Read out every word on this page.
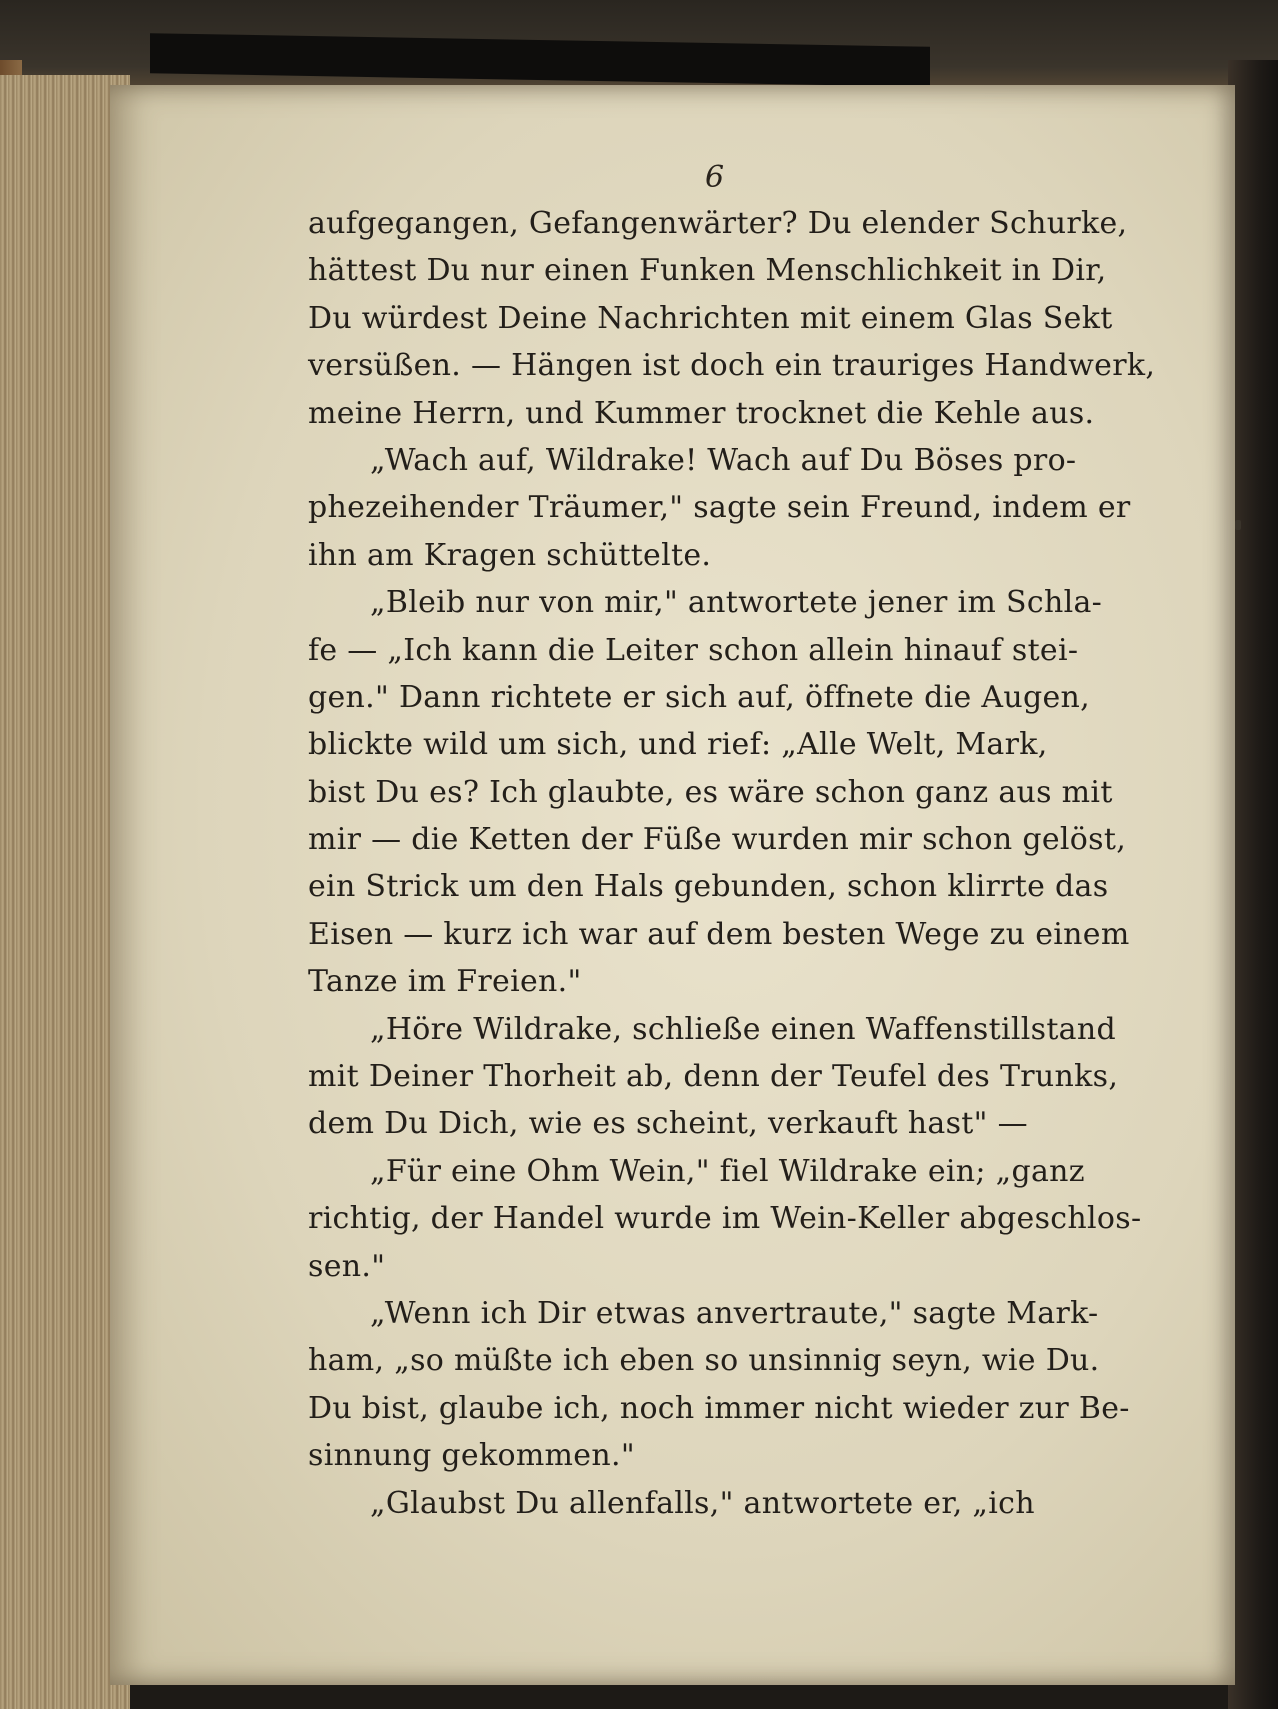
6
aufgegangen, Gefangenwärter? Du elender Schurke,
hättest Du nur einen Funken Menschlichkeit in Dir,
Du würdest Deine Nachrichten mit einem Glas Sekt
versüßen. — Hängen ist doch ein trauriges Handwerk,
meine Herrn, und Kummer trocknet die Kehle aus.
„Wach auf, Wildrake! Wach auf Du Böses pro-
phezeihender Träumer," sagte sein Freund, indem er
ihn am Kragen schüttelte.
„Bleib nur von mir," antwortete jener im Schla-
fe — „Ich kann die Leiter schon allein hinauf stei-
gen." Dann richtete er sich auf, öffnete die Augen,
blickte wild um sich, und rief: „Alle Welt, Mark,
bist Du es? Ich glaubte, es wäre schon ganz aus mit
mir — die Ketten der Füße wurden mir schon gelöst,
ein Strick um den Hals gebunden, schon klirrte das
Eisen — kurz ich war auf dem besten Wege zu einem
Tanze im Freien."
„Höre Wildrake, schließe einen Waffenstillstand
mit Deiner Thorheit ab, denn der Teufel des Trunks,
dem Du Dich, wie es scheint, verkauft hast" —
„Für eine Ohm Wein," fiel Wildrake ein; „ganz
richtig, der Handel wurde im Wein-Keller abgeschlos-
sen."
„Wenn ich Dir etwas anvertraute," sagte Mark-
ham, „so müßte ich eben so unsinnig seyn, wie Du.
Du bist, glaube ich, noch immer nicht wieder zur Be-
sinnung gekommen."
„Glaubst Du allenfalls," antwortete er, „ich
